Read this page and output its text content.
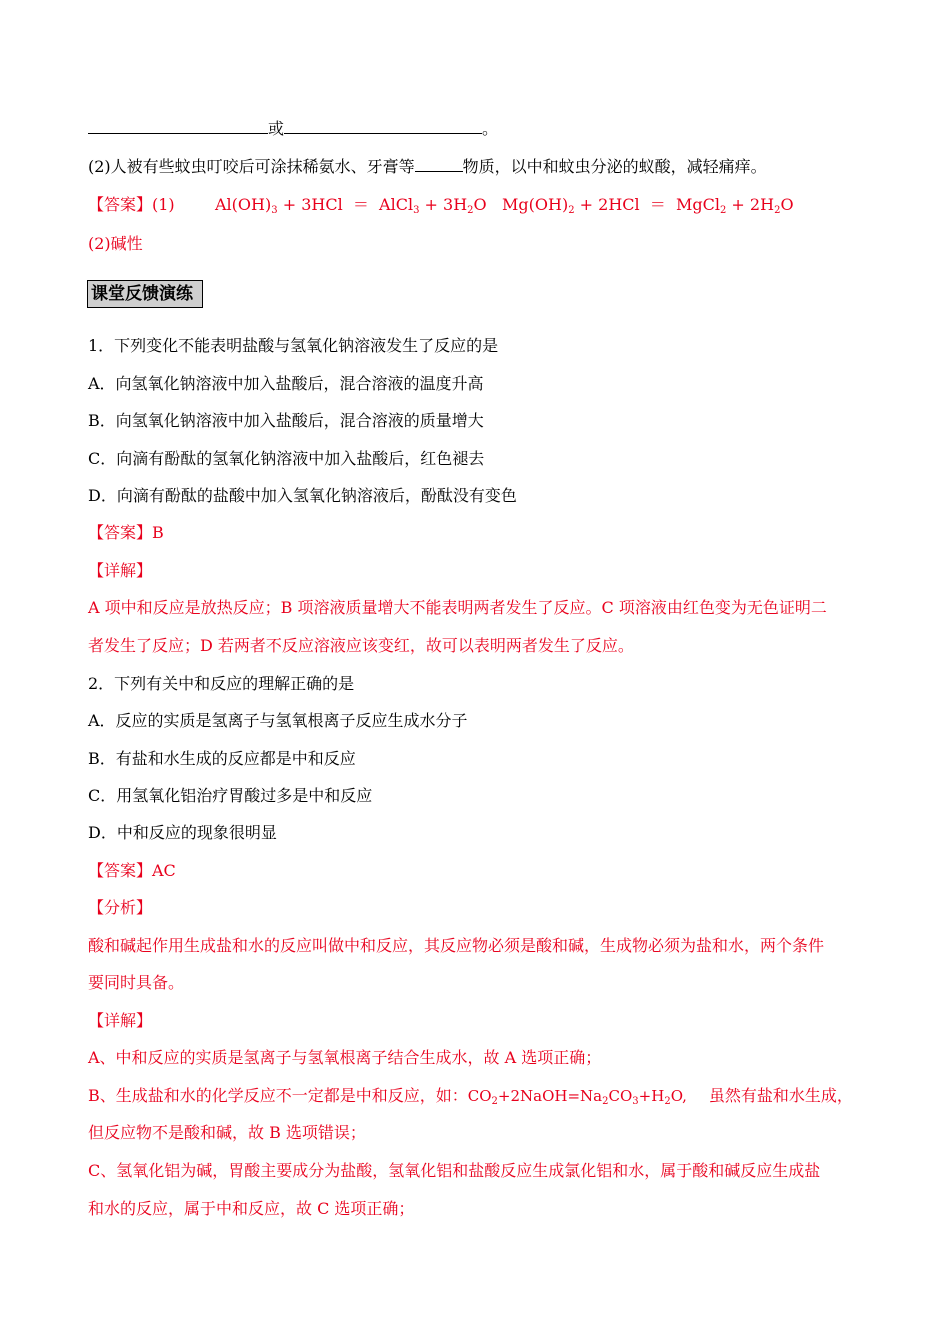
或	。
(2)人被有些蚊虫叮咬后可涂抹稀氨水、牙膏等	物质，以中和蚊虫分泌的蚁酸，减轻痛痒。
【答案】(1)	$Al(OH)_3 + 3HCl$  ＝  AlCl$_3$ + $3H_2O$ $Mg(OH)_2 + 2HCl$  ＝  MgCl$_2$ + $2H_2O$
(2)碱性
课堂反馈演练
1．下列变化不能表明盐酸与氢氧化钠溶液发生了反应的是
A．向氢氧化钠溶液中加入盐酸后，混合溶液的温度升高
B．向氢氧化钠溶液中加入盐酸后，混合溶液的质量增大
C．向滴有酚酞的氢氧化钠溶液中加入盐酸后，红色褪去
D．向滴有酚酞的盐酸中加入氢氧化钠溶液后，酚酞没有变色
【答案】B
【详解】
A 项中和反应是放热反应；B 项溶液质量增大不能表明两者发生了反应。C 项溶液由红色变为无色证明二
者发生了反应；D 若两者不反应溶液应该变红，故可以表明两者发生了反应。
2．下列有关中和反应的理解正确的是
A．反应的实质是氢离子与氢氧根离子反应生成水分子
B．有盐和水生成的反应都是中和反应
C．用氢氧化铝治疗胃酸过多是中和反应
D．中和反应的现象很明显
【答案】AC
【分析】
酸和碱起作用生成盐和水的反应叫做中和反应，其反应物必须是酸和碱，生成物必须为盐和水，两个条件
要同时具备。
【详解】
A、中和反应的实质是氢离子与氢氧根离子结合生成水，故 A 选项正确；
B、生成盐和水的化学反应不一定都是中和反应，如：$CO_2+2NaOH=Na_2CO_3+H_2O$, 虽然有盐和水生成，
但反应物不是酸和碱，故 B 选项错误；
C、氢氧化铝为碱，胃酸主要成分为盐酸，氢氧化铝和盐酸反应生成氯化铝和水，属于酸和碱反应生成盐
和水的反应，属于中和反应，故 C 选项正确；
